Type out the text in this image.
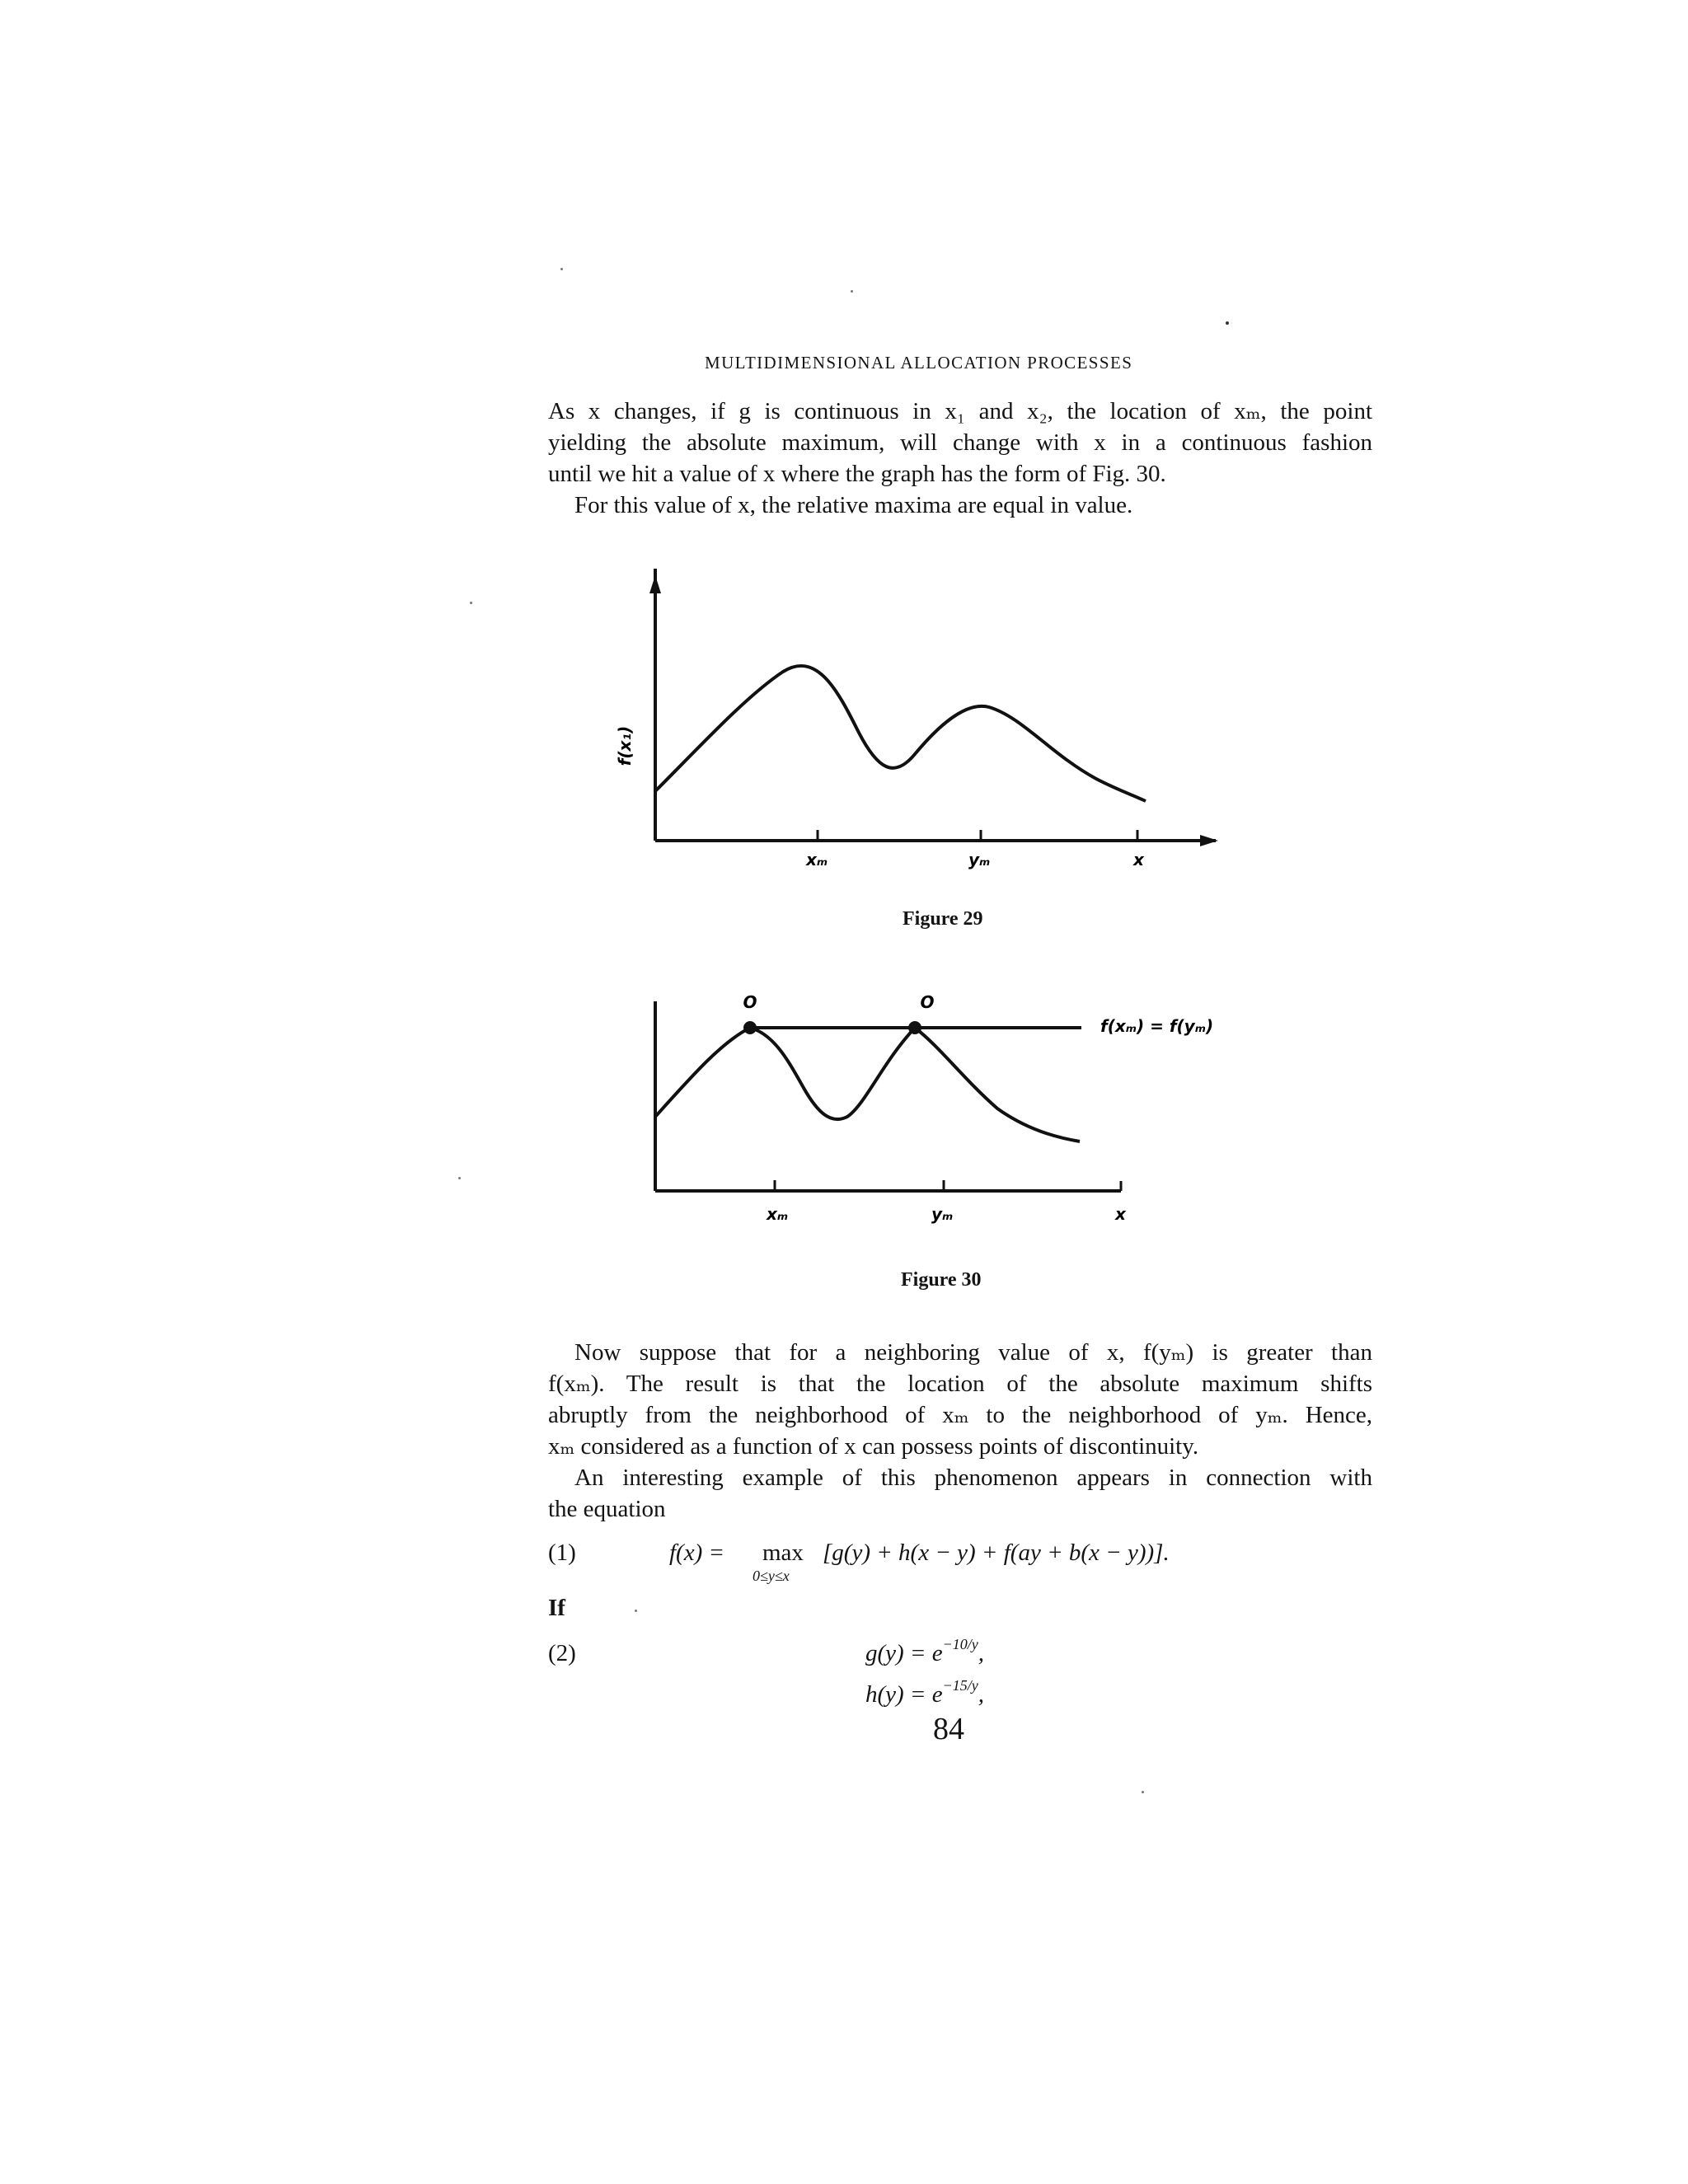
MULTIDIMENSIONAL ALLOCATION PROCESSES
As x changes, if g is continuous in x₁ and x₂, the location of xₘ, the point
yielding the absolute maximum, will change with x in a continuous fashion
until we hit a value of x where the graph has the form of Fig. 30.
For this value of x, the relative maxima are equal in value.
xₘ	yₘ	x
f(x₁)
Figure 29
O	O
xₘ	yₘ	x
f(xₘ) = f(yₘ)
Figure 30
Now suppose that for a neighboring value of x, f(yₘ) is greater than
f(xₘ). The result is that the location of the absolute maximum shifts
abruptly from the neighborhood of xₘ to the neighborhood of yₘ. Hence,
xₘ considered as a function of x can possess points of discontinuity.
An interesting example of this phenomenon appears in connection with
the equation
(1)	f(x) = max
0≤y≤x
[g(y) + h(x − y) + f(ay + b(x − y))].
If
(2)	$g(y) = e^{-10/y}$,
$h(y) = e^{-15/y}$,
84
